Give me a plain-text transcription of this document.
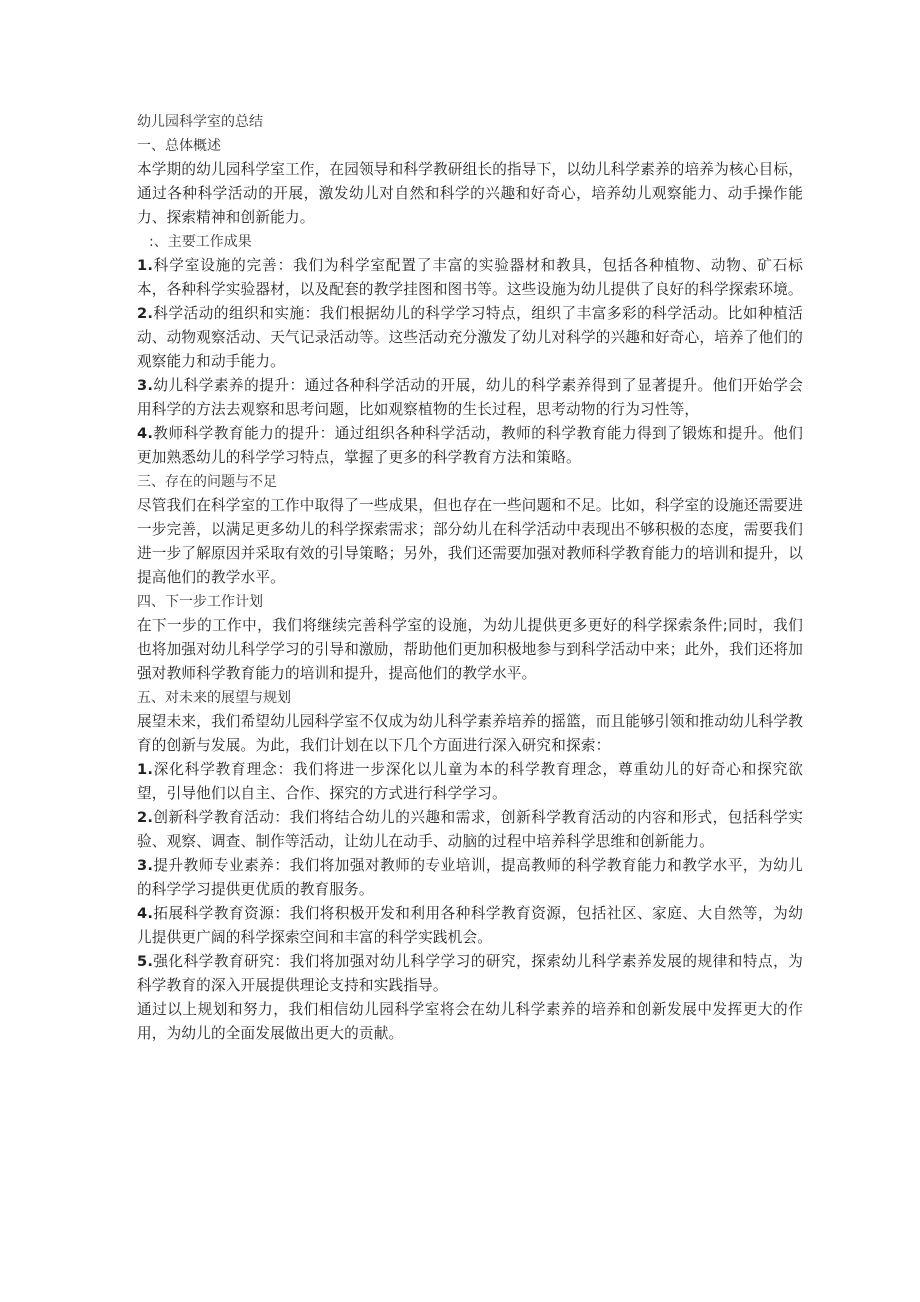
幼儿园科学室的总结

一、总体概述

本学期的幼儿园科学室工作，在园领导和科学教研组长的指导下，以幼儿科学素养的培养为核心目标，通过各种科学活动的开展，激发幼儿对自然和科学的兴趣和好奇心，培养幼儿观察能力、动手操作能力、探索精神和创新能力。

:、主要工作成果

1.科学室设施的完善：我们为科学室配置了丰富的实验器材和教具，包括各种植物、动物、矿石标本，各种科学实验器材，以及配套的教学挂图和图书等。这些设施为幼儿提供了良好的科学探索环境。

2.科学活动的组织和实施：我们根据幼儿的科学学习特点，组织了丰富多彩的科学活动。比如种植活动、动物观察活动、天气记录活动等。这些活动充分激发了幼儿对科学的兴趣和好奇心，培养了他们的观察能力和动手能力。

3.幼儿科学素养的提升：通过各种科学活动的开展，幼儿的科学素养得到了显著提升。他们开始学会用科学的方法去观察和思考问题，比如观察植物的生长过程，思考动物的行为习性等，

4.教师科学教育能力的提升：通过组织各种科学活动，教师的科学教育能力得到了锻炼和提升。他们更加熟悉幼儿的科学学习特点，掌握了更多的科学教育方法和策略。

三、存在的问题与不足

尽管我们在科学室的工作中取得了一些成果，但也存在一些问题和不足。比如，科学室的设施还需要进一步完善，以满足更多幼儿的科学探索需求；部分幼儿在科学活动中表现出不够积极的态度，需要我们进一步了解原因并采取有效的引导策略；另外，我们还需要加强对教师科学教育能力的培训和提升，以提高他们的教学水平。

四、下一步工作计划

在下一步的工作中，我们将继续完善科学室的设施，为幼儿提供更多更好的科学探索条件;同时，我们也将加强对幼儿科学学习的引导和激励，帮助他们更加积极地参与到科学活动中来；此外，我们还将加强对教师科学教育能力的培训和提升，提高他们的教学水平。

五、对未来的展望与规划

展望未来，我们希望幼儿园科学室不仅成为幼儿科学素养培养的摇篮，而且能够引领和推动幼儿科学教育的创新与发展。为此，我们计划在以下几个方面进行深入研究和探索：

1.深化科学教育理念：我们将进一步深化以儿童为本的科学教育理念，尊重幼儿的好奇心和探究欲望，引导他们以自主、合作、探究的方式进行科学学习。

2.创新科学教育活动：我们将结合幼儿的兴趣和需求，创新科学教育活动的内容和形式，包括科学实验、观察、调查、制作等活动，让幼儿在动手、动脑的过程中培养科学思维和创新能力。

3.提升教师专业素养：我们将加强对教师的专业培训，提高教师的科学教育能力和教学水平，为幼儿的科学学习提供更优质的教育服务。

4.拓展科学教育资源：我们将积极开发和利用各种科学教育资源，包括社区、家庭、大自然等，为幼儿提供更广阔的科学探索空间和丰富的科学实践机会。

5.强化科学教育研究：我们将加强对幼儿科学学习的研究，探索幼儿科学素养发展的规律和特点，为科学教育的深入开展提供理论支持和实践指导。

通过以上规划和努力，我们相信幼儿园科学室将会在幼儿科学素养的培养和创新发展中发挥更大的作用，为幼儿的全面发展做出更大的贡献。
